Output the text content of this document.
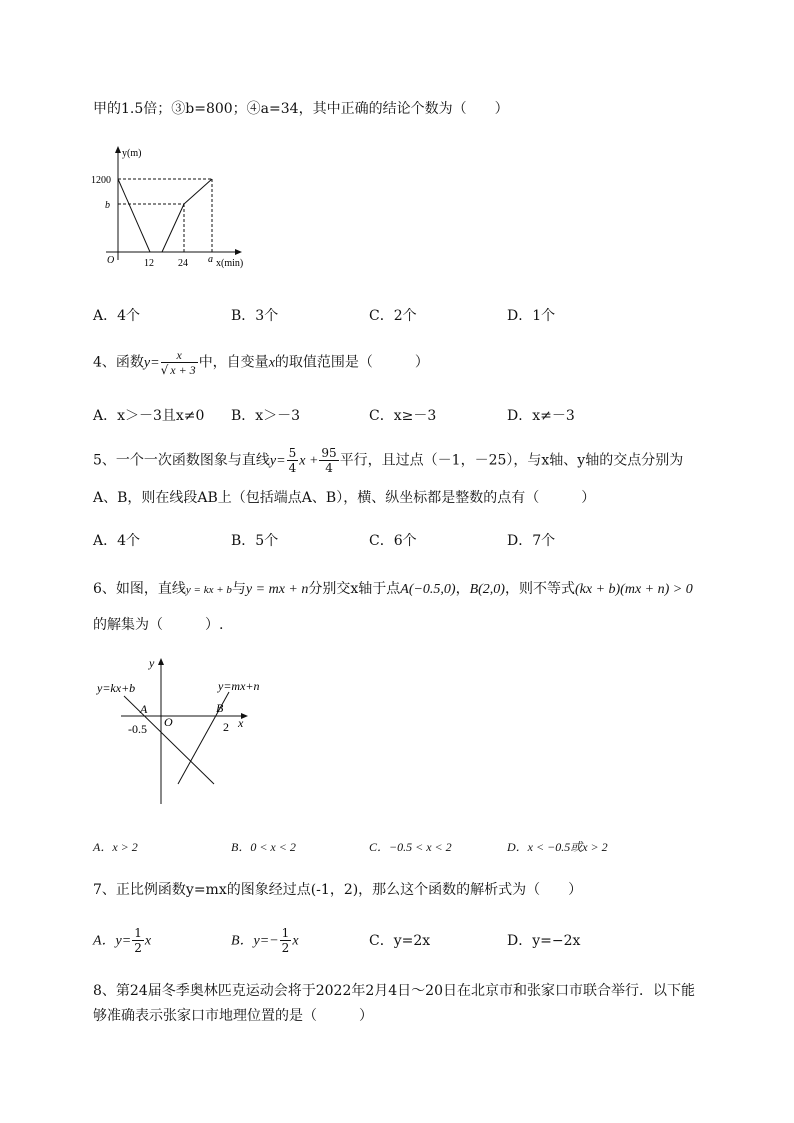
甲的1.5倍；③b=800；④a=34，其中正确的结论个数为（　　）
y(m)
1200
b
O	12 24 a x(min)
A．4个	B．3个	C．2个	D．1个
4、函数$y= \frac{x}{√ x + 3}$ 中，自变量x的取值范围是（　　　）
A．x＞－3且x≠0 B．x＞－3	C．x≥－3	D．x≠－3
5、一个一次函数图象与直线$y= \frac{5}{4}$ $x + \frac{95}{4}$ 平行，且过点（－1，－25），与x轴、y轴的交点分别为
A、B，则在线段AB上（包括端点A、B），横、纵坐标都是整数的点有（　　　）
A．4个	B．5个	C．6个	D．7个
6、如图，直线y = kx + b与y = mx + n分别交x轴于点A(−0.5,0)，B(2,0)，则不等式(kx + b)(mx + n) > 0
的解集为（　　　）.
y
x
y=kx+b	y=mx+n
A	B
O
-0.5	2
A．x > 2	B．0 < x < 2	C．−0.5 < x < 2	D．x < −0.5或x > 2
7、正比例函数y=mx的图象经过点(-1，2)，那么这个函数的解析式为（　　）
A．$y= \frac{1}{2}$ x	B．$y=- \frac{1}{2}$ x	C．y=2x	D．y=−2x
8、第24届冬季奥林匹克运动会将于2022年2月4日～20日在北京市和张家口市联合举行．以下能
够准确表示张家口市地理位置的是（　　　）
